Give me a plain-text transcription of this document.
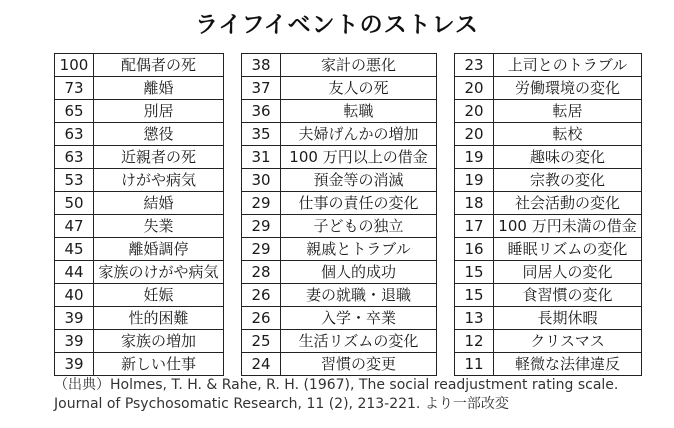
ライフイベントのストレス
100	配偶者の死
73	離婚
65	別居
63	懲役
63	近親者の死
53	けがや病気
50	結婚
47	失業
45	離婚調停
44	家族のけがや病気
40	妊娠
39	性的困難
39	家族の増加
39	新しい仕事
38	家計の悪化
37	友人の死
36	転職
35	夫婦げんかの増加
31	100 万円以上の借金
30	預金等の消滅
29	仕事の責任の変化
29	子どもの独立
29	親戚とトラブル
28	個人的成功
26	妻の就職・退職
26	入学・卒業
25	生活リズムの変化
24	習慣の変更
23	上司とのトラブル
20	労働環境の変化
20	転居
20	転校
19	趣味の変化
19	宗教の変化
18	社会活動の変化
17	100 万円未満の借金
16	睡眠リズムの変化
15	同居人の変化
15	食習慣の変化
13	長期休暇
12	クリスマス
11	軽微な法律違反
（出典）Holmes, T. H. & Rahe, R. H. (1967), The social readjustment rating scale.
Journal of Psychosomatic Research, 11 (2), 213-221. より一部改変
